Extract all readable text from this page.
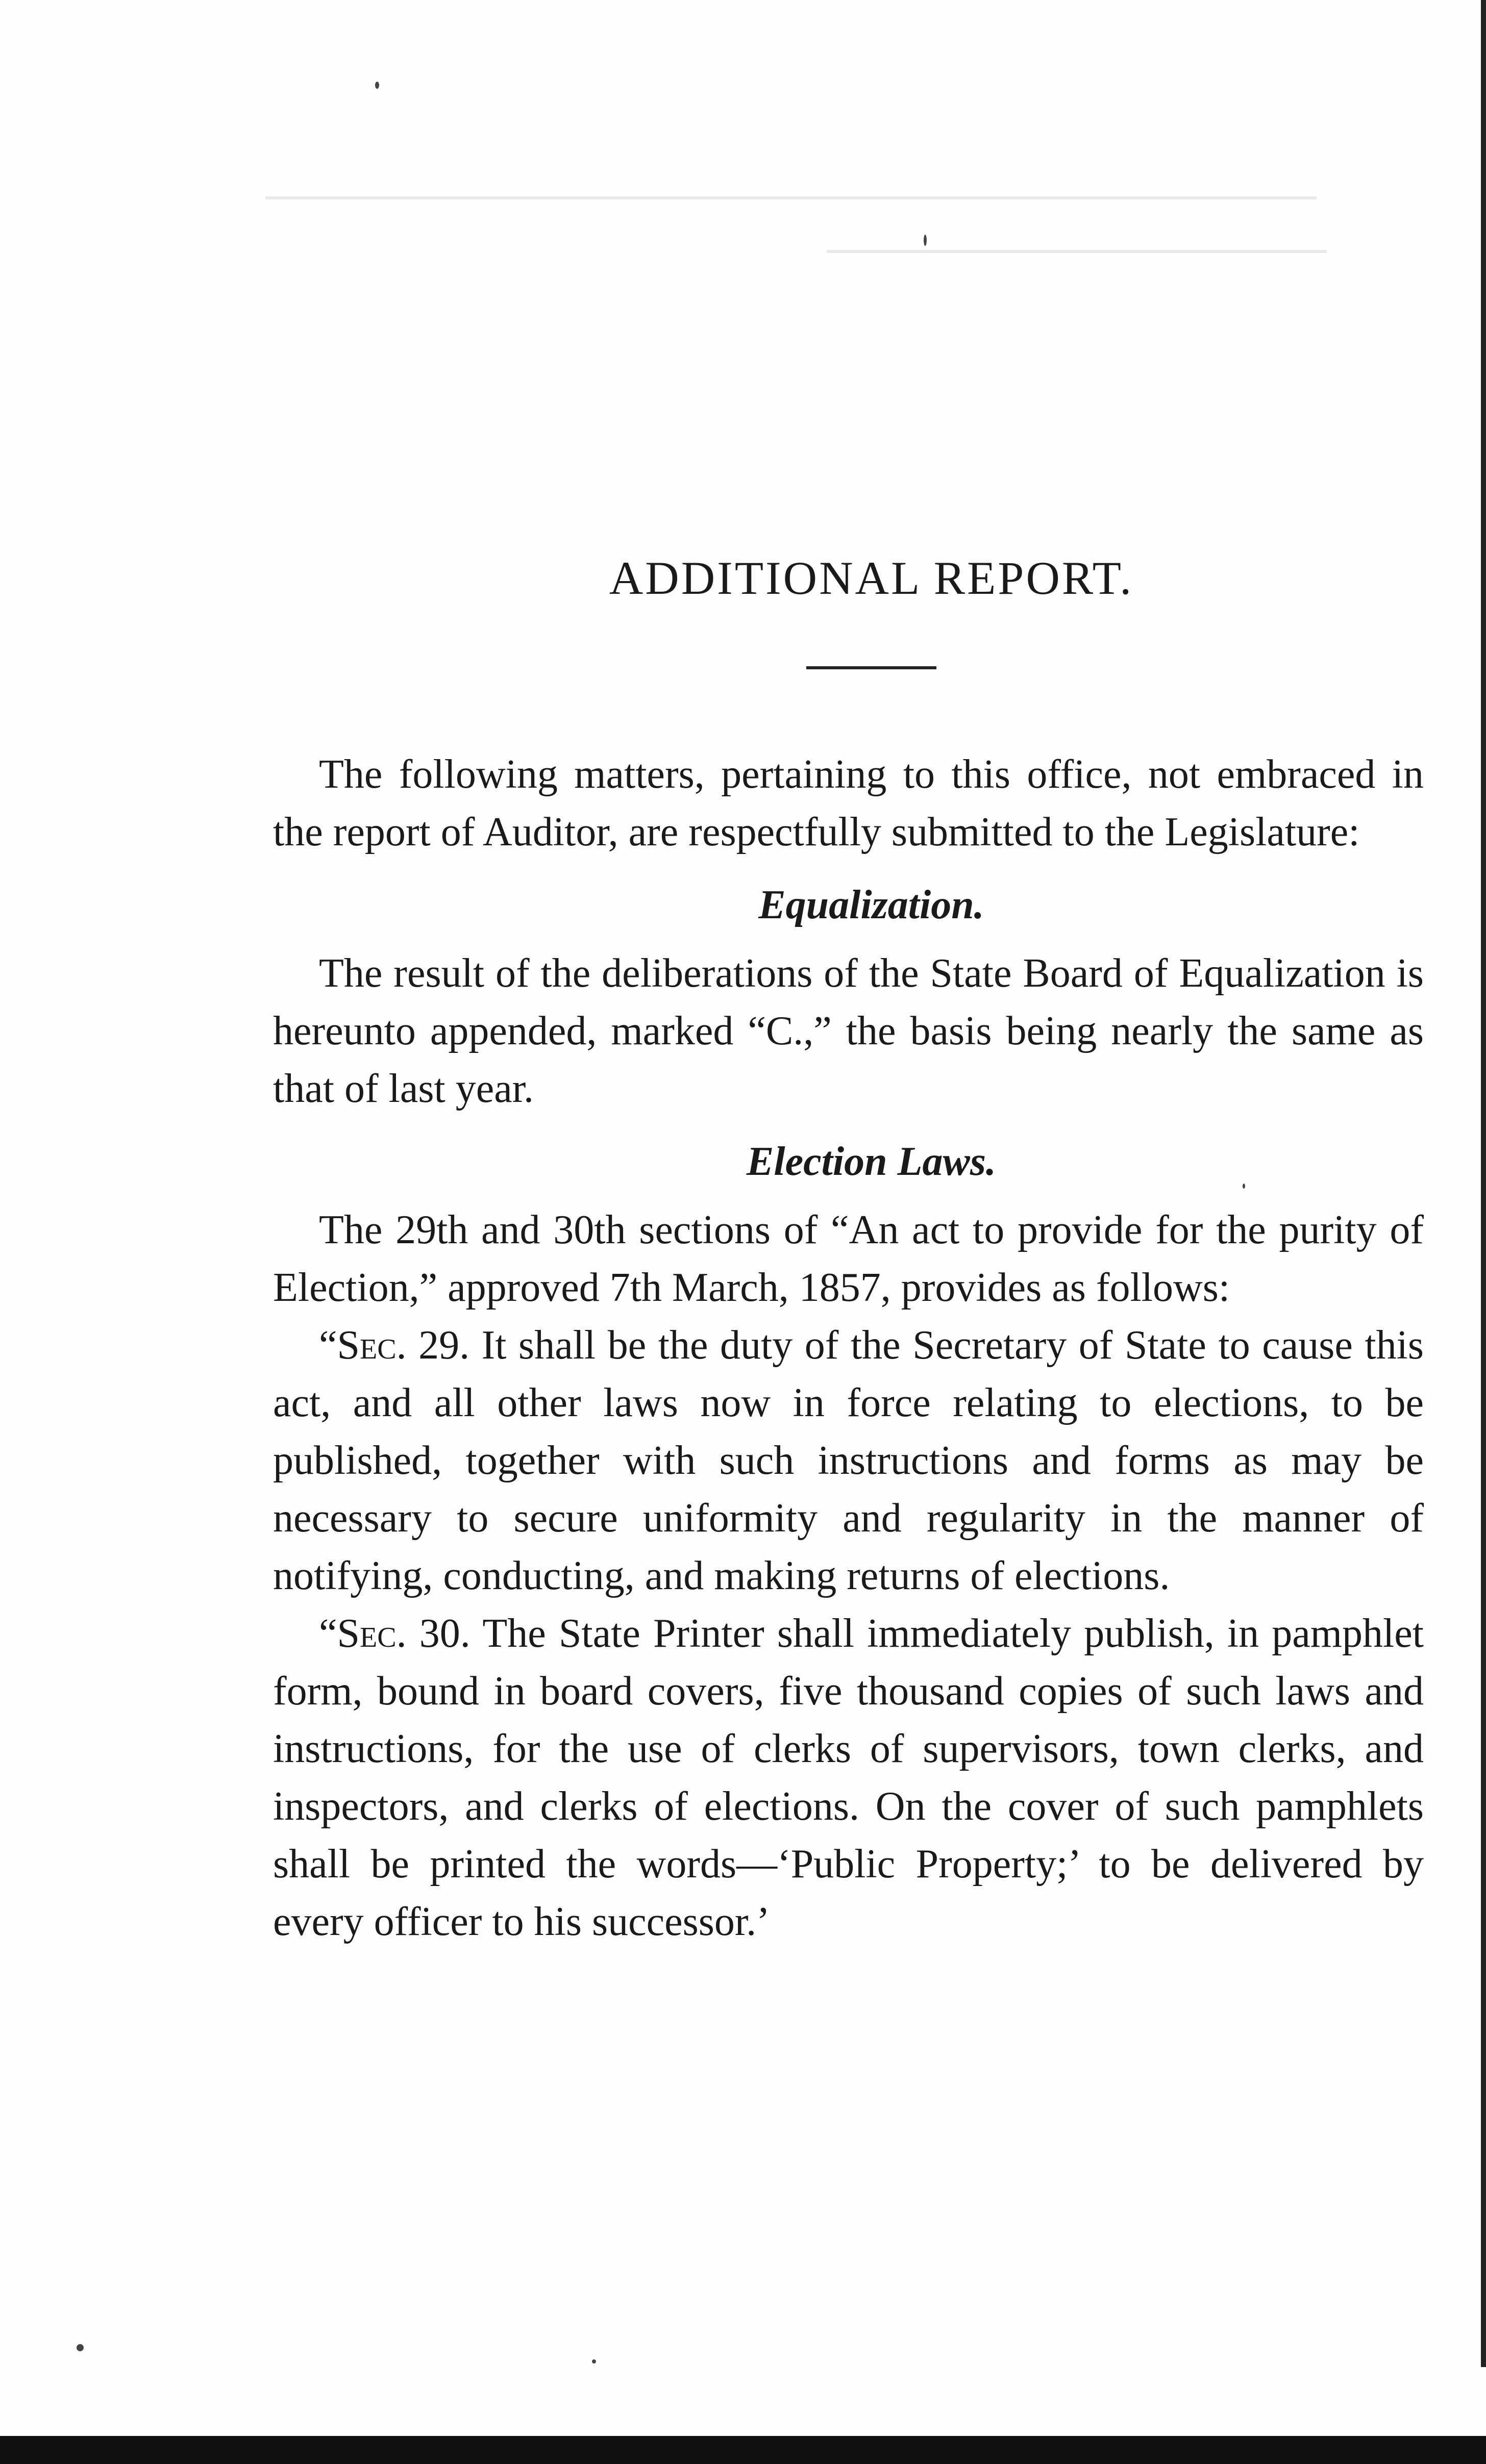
ADDITIONAL REPORT.

The following matters, pertaining to this office, not embraced in the report of Auditor, are respectfully submitted to the Legislature:

Equalization.

The result of the deliberations of the State Board of Equalization is hereunto appended, marked “C.,” the basis being nearly the same as that of last year.

Election Laws.

The 29th and 30th sections of “An act to provide for the purity of Election,” approved 7th March, 1857, provides as follows:

“Sec. 29. It shall be the duty of the Secretary of State to cause this act, and all other laws now in force relating to elections, to be published, together with such instructions and forms as may be necessary to secure uniformity and regularity in the manner of notifying, conducting, and making returns of elections.

“Sec. 30. The State Printer shall immediately publish, in pamphlet form, bound in board covers, five thousand copies of such laws and instructions, for the use of clerks of supervisors, town clerks, and inspectors, and clerks of elections. On the cover of such pamphlets shall be printed the words—‘Public Property;’ to be delivered by every officer to his successor.’
